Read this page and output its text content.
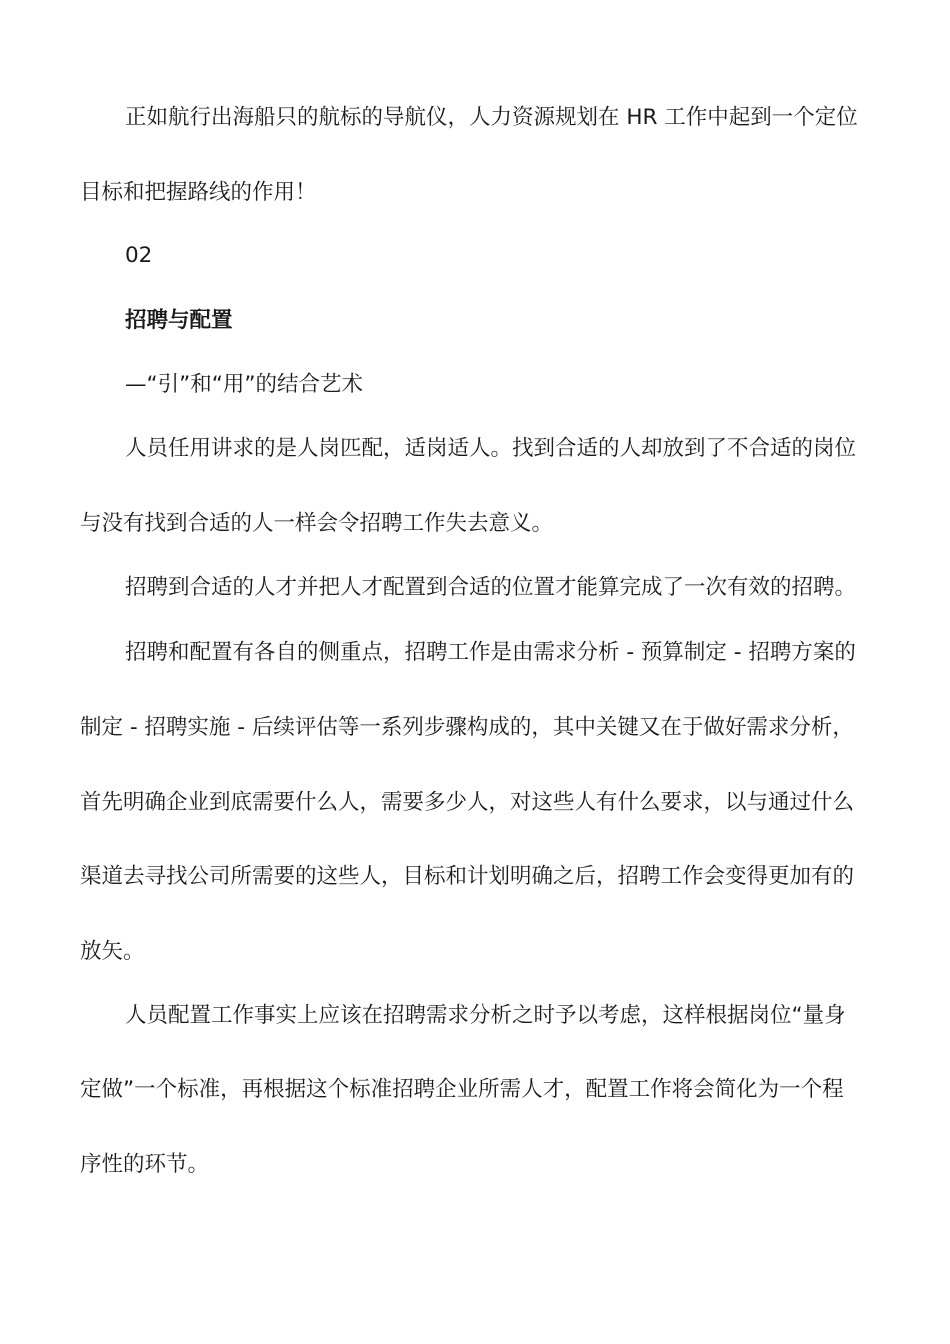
正如航行出海船只的航标的导航仪，人力资源规划在 HR 工作中起到一个定位
目标和把握路线的作用！
02
招聘与配置
—“引”和“用”的结合艺术
人员任用讲求的是人岗匹配，适岗适人。找到合适的人却放到了不合适的岗位
与没有找到合适的人一样会令招聘工作失去意义。
招聘到合适的人才并把人才配置到合适的位置才能算完成了一次有效的招聘。
招聘和配置有各自的侧重点，招聘工作是由需求分析 - 预算制定 - 招聘方案的
制定 - 招聘实施 - 后续评估等一系列步骤构成的，其中关键又在于做好需求分析，
首先明确企业到底需要什么人，需要多少人，对这些人有什么要求，以与通过什么
渠道去寻找公司所需要的这些人，目标和计划明确之后，招聘工作会变得更加有的
放矢。
人员配置工作事实上应该在招聘需求分析之时予以考虑，这样根据岗位“量身
定做”一个标准，再根据这个标准招聘企业所需人才，配置工作将会简化为一个程
序性的环节。
